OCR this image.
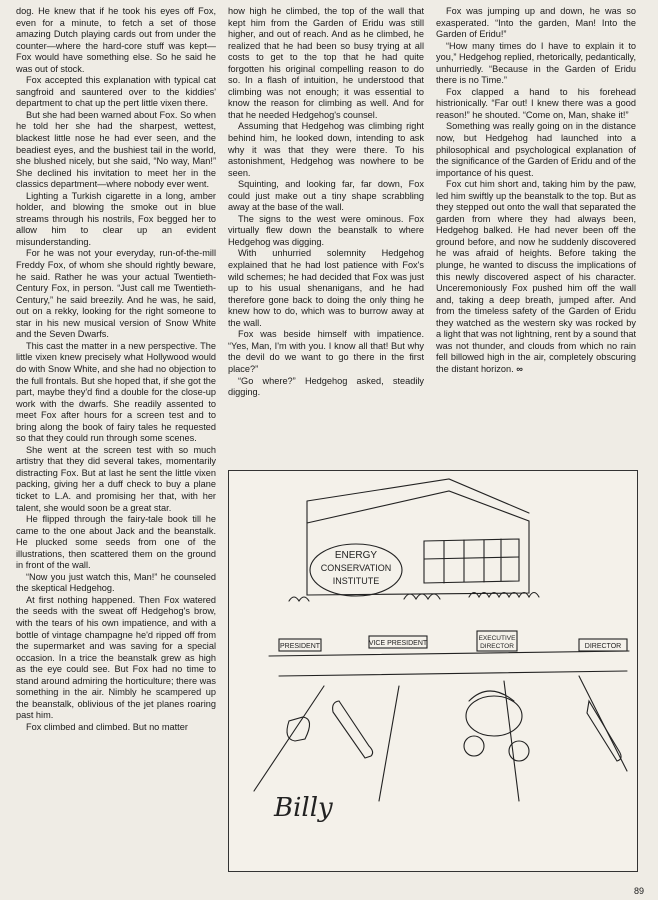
dog. He knew that if he took his eyes off Fox, even for a minute, to fetch a set of those amazing Dutch playing cards out from under the counter—where the hard-core stuff was kept—Fox would have something else. So he said he was out of stock.

Fox accepted this explanation with typical cat sangfroid and sauntered over to the kiddies' department to chat up the pert little vixen there.

But she had been warned about Fox. So when he told her she had the sharpest, wettest, blackest little nose he had ever seen, and the beadiest eyes, and the bushiest tail in the world, she blushed nicely, but she said, “No way, Man!” She declined his invitation to meet her in the classics department—where nobody ever went.

Lighting a Turkish cigarette in a long, amber holder, and blowing the smoke out in blue streams through his nostrils, Fox begged her to allow him to clear up an evident misunderstanding.

For he was not your everyday, run-of-the-mill Freddy Fox, of whom she should rightly beware, he said. Rather he was your actual Twentieth-Century Fox, in person. “Just call me Twentieth-Century,” he said breezily. And he was, he said, out on a rekky, looking for the right someone to star in his new musical version of Snow White and the Seven Dwarfs.

This cast the matter in a new perspective. The little vixen knew precisely what Hollywood would do with Snow White, and she had no objection to the full frontals. But she hoped that, if she got the part, maybe they'd find a double for the close-up work with the dwarfs. She readily assented to meet Fox after hours for a screen test and to bring along the book of fairy tales he requested so that they could run through some scenes.

She went at the screen test with so much artistry that they did several takes, momentarily distracting Fox. But at last he sent the little vixen packing, giving her a duff check to buy a plane ticket to L.A. and promising her that, with her talent, she would soon be a great star.

He flipped through the fairy-tale book till he came to the one about Jack and the beanstalk. He plucked some seeds from one of the illustrations, then scattered them on the ground in front of the wall.

“Now you just watch this, Man!” he counseled the skeptical Hedgehog.

At first nothing happened. Then Fox watered the seeds with the sweat off Hedgehog's brow, with the tears of his own impatience, and with a bottle of vintage champagne he'd ripped off from the supermarket and was saving for a special occasion. In a trice the beanstalk grew as high as the eye could see. But Fox had no time to stand around admiring the horticulture; there was something in the air. Nimbly he scampered up the beanstalk, oblivious of the jet planes roaring past him.

Fox climbed and climbed. But no matter

how high he climbed, the top of the wall that kept him from the Garden of Eridu was still higher, and out of reach. And as he climbed, he realized that he had been so busy trying at all costs to get to the top that he had quite forgotten his original compelling reason to do so. In a flash of intuition, he understood that climbing was not enough; it was essential to know the reason for climbing as well. And for that he needed Hedgehog's counsel.

Assuming that Hedgehog was climbing right behind him, he looked down, intending to ask why it was that they were there. To his astonishment, Hedgehog was nowhere to be seen.

Squinting, and looking far, far down, Fox could just make out a tiny shape scrabbling away at the base of the wall.

The signs to the west were ominous. Fox virtually flew down the beanstalk to where Hedgehog was digging.

With unhurried solemnity Hedgehog explained that he had lost patience with Fox's wild schemes; he had decided that Fox was just up to his usual shenanigans, and he had therefore gone back to doing the only thing he knew how to do, which was to burrow away at the wall.

Fox was beside himself with impatience. “Yes, Man, I'm with you. I know all that! But why the devil do we want to go there in the first place?”

“Go where?” Hedgehog asked, steadily digging.

Fox was jumping up and down, he was so exasperated. “Into the garden, Man! Into the Garden of Eridu!”

“How many times do I have to explain it to you,” Hedgehog replied, rhetorically, pedantically, unhurriedly. “Because in the Garden of Eridu there is no Time.”

Fox clapped a hand to his forehead histrionically. “Far out! I knew there was a good reason!” he shouted. “Come on, Man, shake it!”

Something was really going on in the distance now, but Hedgehog had launched into a philosophical and psychological explanation of the significance of the Garden of Eridu and of the importance of his quest.

Fox cut him short and, taking him by the paw, led him swiftly up the beanstalk to the top. But as they stepped out onto the wall that separated the garden from where they had always been, Hedgehog balked. He had never been off the ground before, and now he suddenly discovered he was afraid of heights. Before taking the plunge, he wanted to discuss the implications of this newly discovered aspect of his character. Unceremoniously Fox pushed him off the wall and, taking a deep breath, jumped after. And from the timeless safety of the Garden of Eridu they watched as the western sky was rocked by a light that was not lightning, rent by a sound that was not thunder, and clouds from which no rain fell billowed high in the air, completely obscuring the distant horizon. ∞

ENERGY
CONSERVATION
INSTITUTE
PRESIDENT	VICE PRESIDENT
EXECUTIVE
DIRECTOR	DIRECTOR
Billy
89
